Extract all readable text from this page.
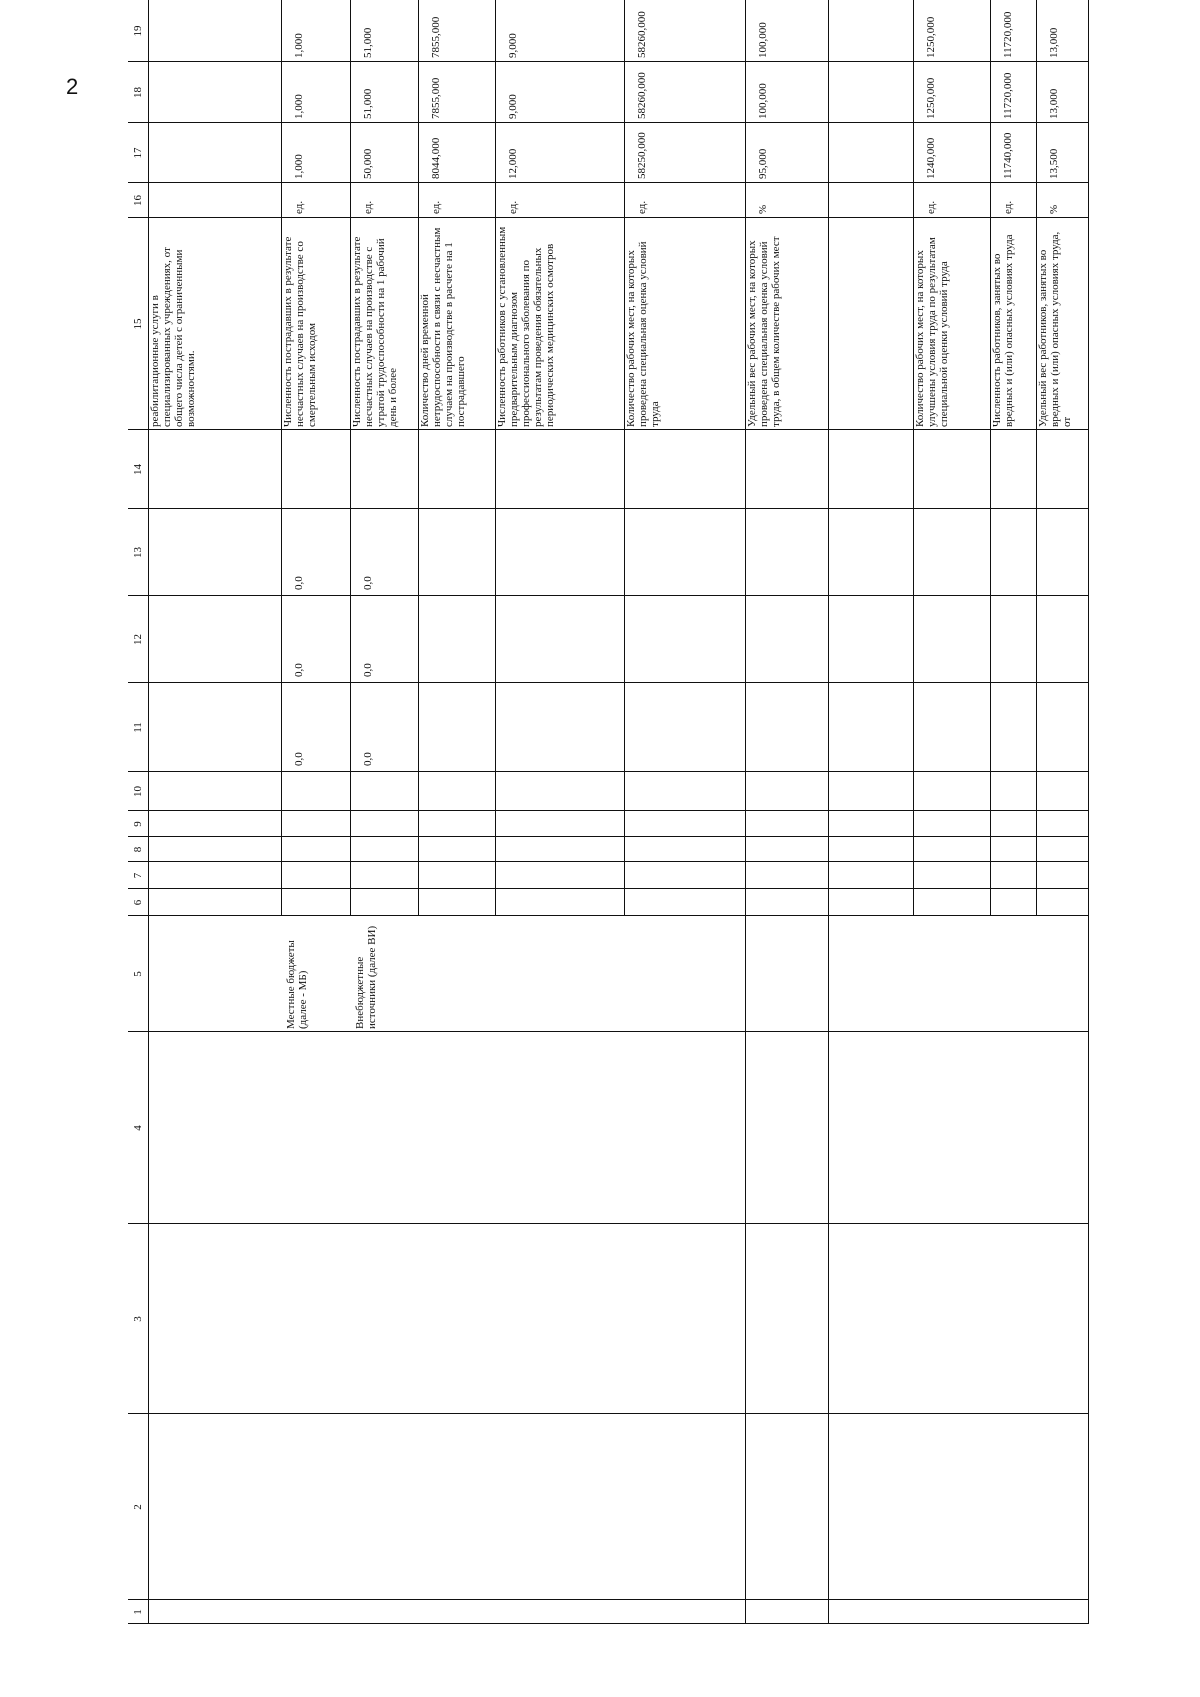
2
1
2
3
4
5
6
7
8
9
10
11
12
13
14
15
16
17
18
19
реабилитационные услуги в специализированных учреждениях, от общего числа детей с ограниченными возможностями.
Местные бюджеты (далее - МБ)
0,0
0,0
0,0
Численность пострадавших в результате несчастных случаев на производстве со смертельным исходом
ед.
1,000
1,000
1,000
Внебюджетные источники (далее ВИ)
0,0
0,0
0,0
Численность пострадавших в результате несчастных случаев на производстве с утратой трудоспособности на 1 рабочий день и более
ед.
50,000
51,000
51,000
Количество дней временной нетрудоспособности в связи с несчастным случаем на производстве в расчете на 1 пострадавшего
ед.
8044,000
7855,000
7855,000
Численность работников с установленным предварительным диагнозом профессионального заболевания по результатам проведения обязательных периодических медицинских осмотров
ед.
12,000
9,000
9,000
Количество рабочих мест, на которых проведена специальная оценка условий труда
ед.
58250,000
58260,000
58260,000
Удельный вес рабочих мест, на которых проведена специальная оценка условий труда, в общем количестве рабочих мест
%
95,000
100,000
100,000
Количество рабочих мест, на которых улучшены условия труда по результатам специальной оценки условий труда
ед.
1240,000
1250,000
1250,000
Численность работников, занятых во вредных и (или) опасных условиях труда
ед.
11740,000
11720,000
11720,000
Удельный вес работников, занятых во вредных и (или) опасных условиях труда, от
%
13,500
13,000
13,000
